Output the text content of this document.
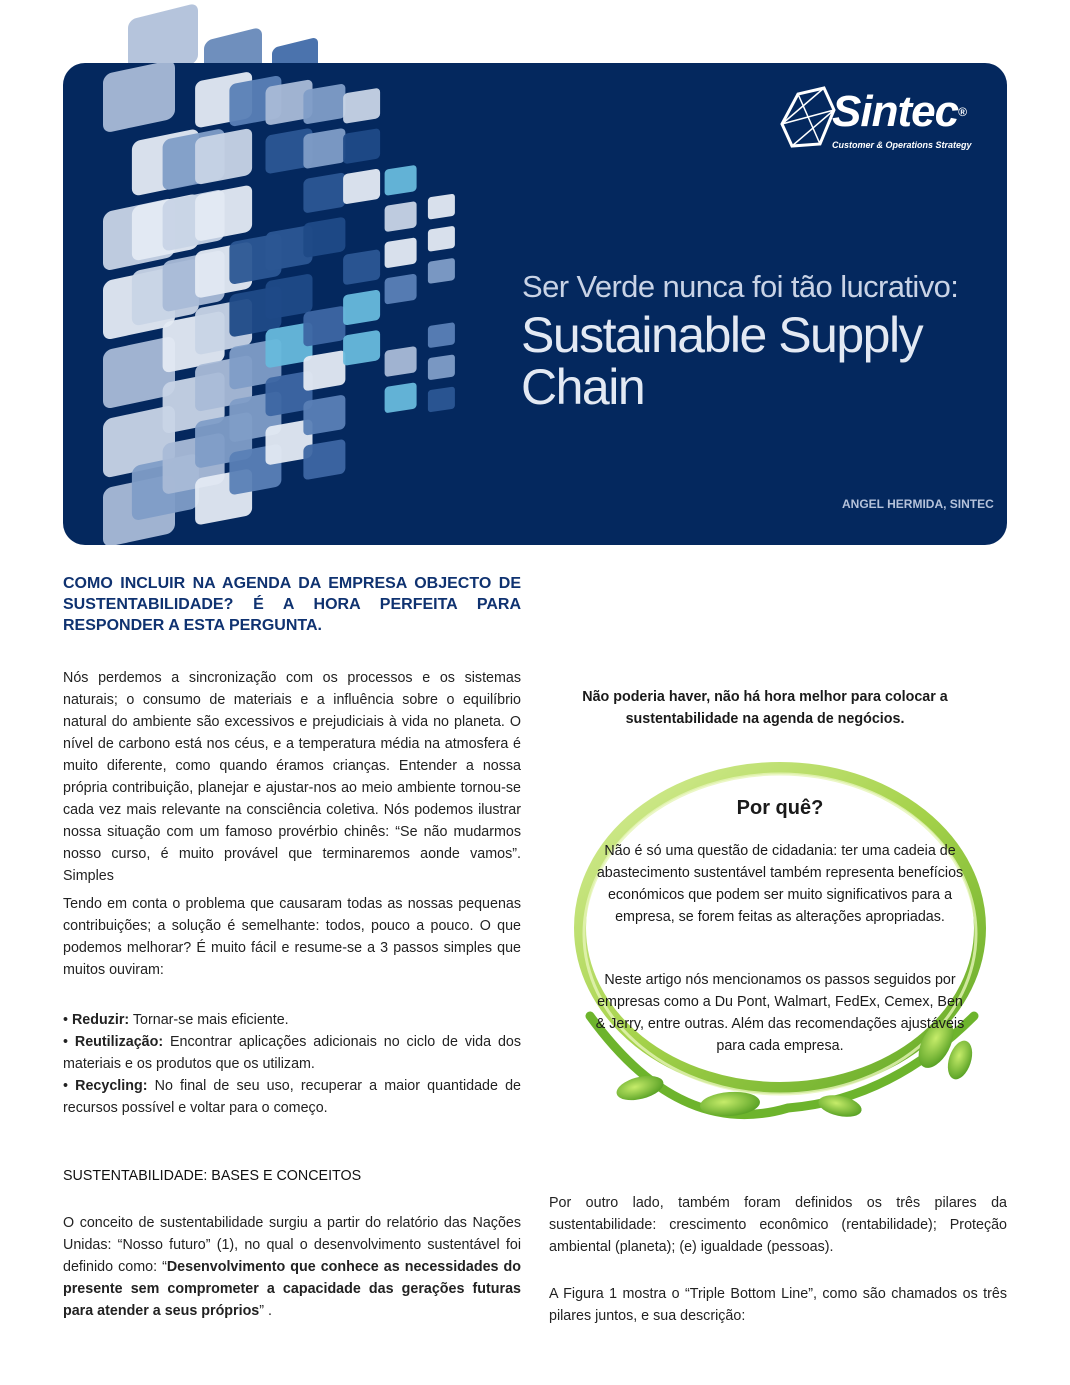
Sintec®
Customer & Operations Strategy
Ser Verde nunca foi tão lucrativo:
Sustainable Supply
Chain
ANGEL HERMIDA, SINTEC
COMO INCLUIR NA AGENDA DA EMPRESA OBJECTO DE SUSTENTABILIDADE? É A HORA PERFEITA PARA RESPONDER A ESTA PERGUNTA.
Nós perdemos a sincronização com os processos e os sistemas naturais; o consumo de materiais e a influência sobre o equilíbrio natural do ambiente são excessivos e prejudiciais à vida no planeta. O nível de carbono está nos céus, e a temperatura média na atmosfera é muito diferente, como quando éramos crianças. Entender a nossa própria contribuição, planejar e ajustar-nos ao meio ambiente tornou-se cada vez mais relevante na consciência coletiva. Nós podemos ilustrar nossa situação com um famoso provérbio chinês: “Se não mudarmos nosso curso, é muito provável que terminaremos aonde vamos”. Simples
Tendo em conta o problema que causaram todas as nossas pequenas contribuições; a solução é semelhante: todos, pouco a pouco. O que podemos melhorar? É muito fácil e resume-se a 3 passos simples que muitos ouviram:
• Reduzir: Tornar-se mais eficiente.
• Reutilização: Encontrar aplicações adicionais no ciclo de vida dos materiais e os produtos que os utilizam.
• Recycling: No final de seu uso, recuperar a maior quantidade de recursos possível e voltar para o começo.
SUSTENTABILIDADE: BASES E CONCEITOS
O conceito de sustentabilidade surgiu a partir do relatório das Nações Unidas: “Nosso futuro” (1), no qual o desenvolvimento sustentável foi definido como: “Desenvolvimento que conhece as necessidades do presente sem comprometer a capacidade das gerações futuras para atender a seus próprios” .
Não poderia haver, não há hora melhor para colocar a sustentabilidade na agenda de negócios.
Por quê?
Não é só uma questão de cidadania: ter uma cadeia de abastecimento sustentável também representa benefícios económicos que podem ser muito significativos para a empresa, se forem feitas as alterações apropriadas.
Neste artigo nós mencionamos os passos seguidos por empresas como a Du Pont, Walmart, FedEx, Cemex, Ben & Jerry, entre outras. Além das recomendações ajustáveis para cada empresa.
Por outro lado, também foram definidos os três pilares da sustentabilidade: crescimento econômico (rentabilidade); Proteção ambiental (planeta); (e) igualdade (pessoas).
A Figura 1 mostra o “Triple Bottom Line”, como são chamados os três pilares juntos, e sua descrição:
